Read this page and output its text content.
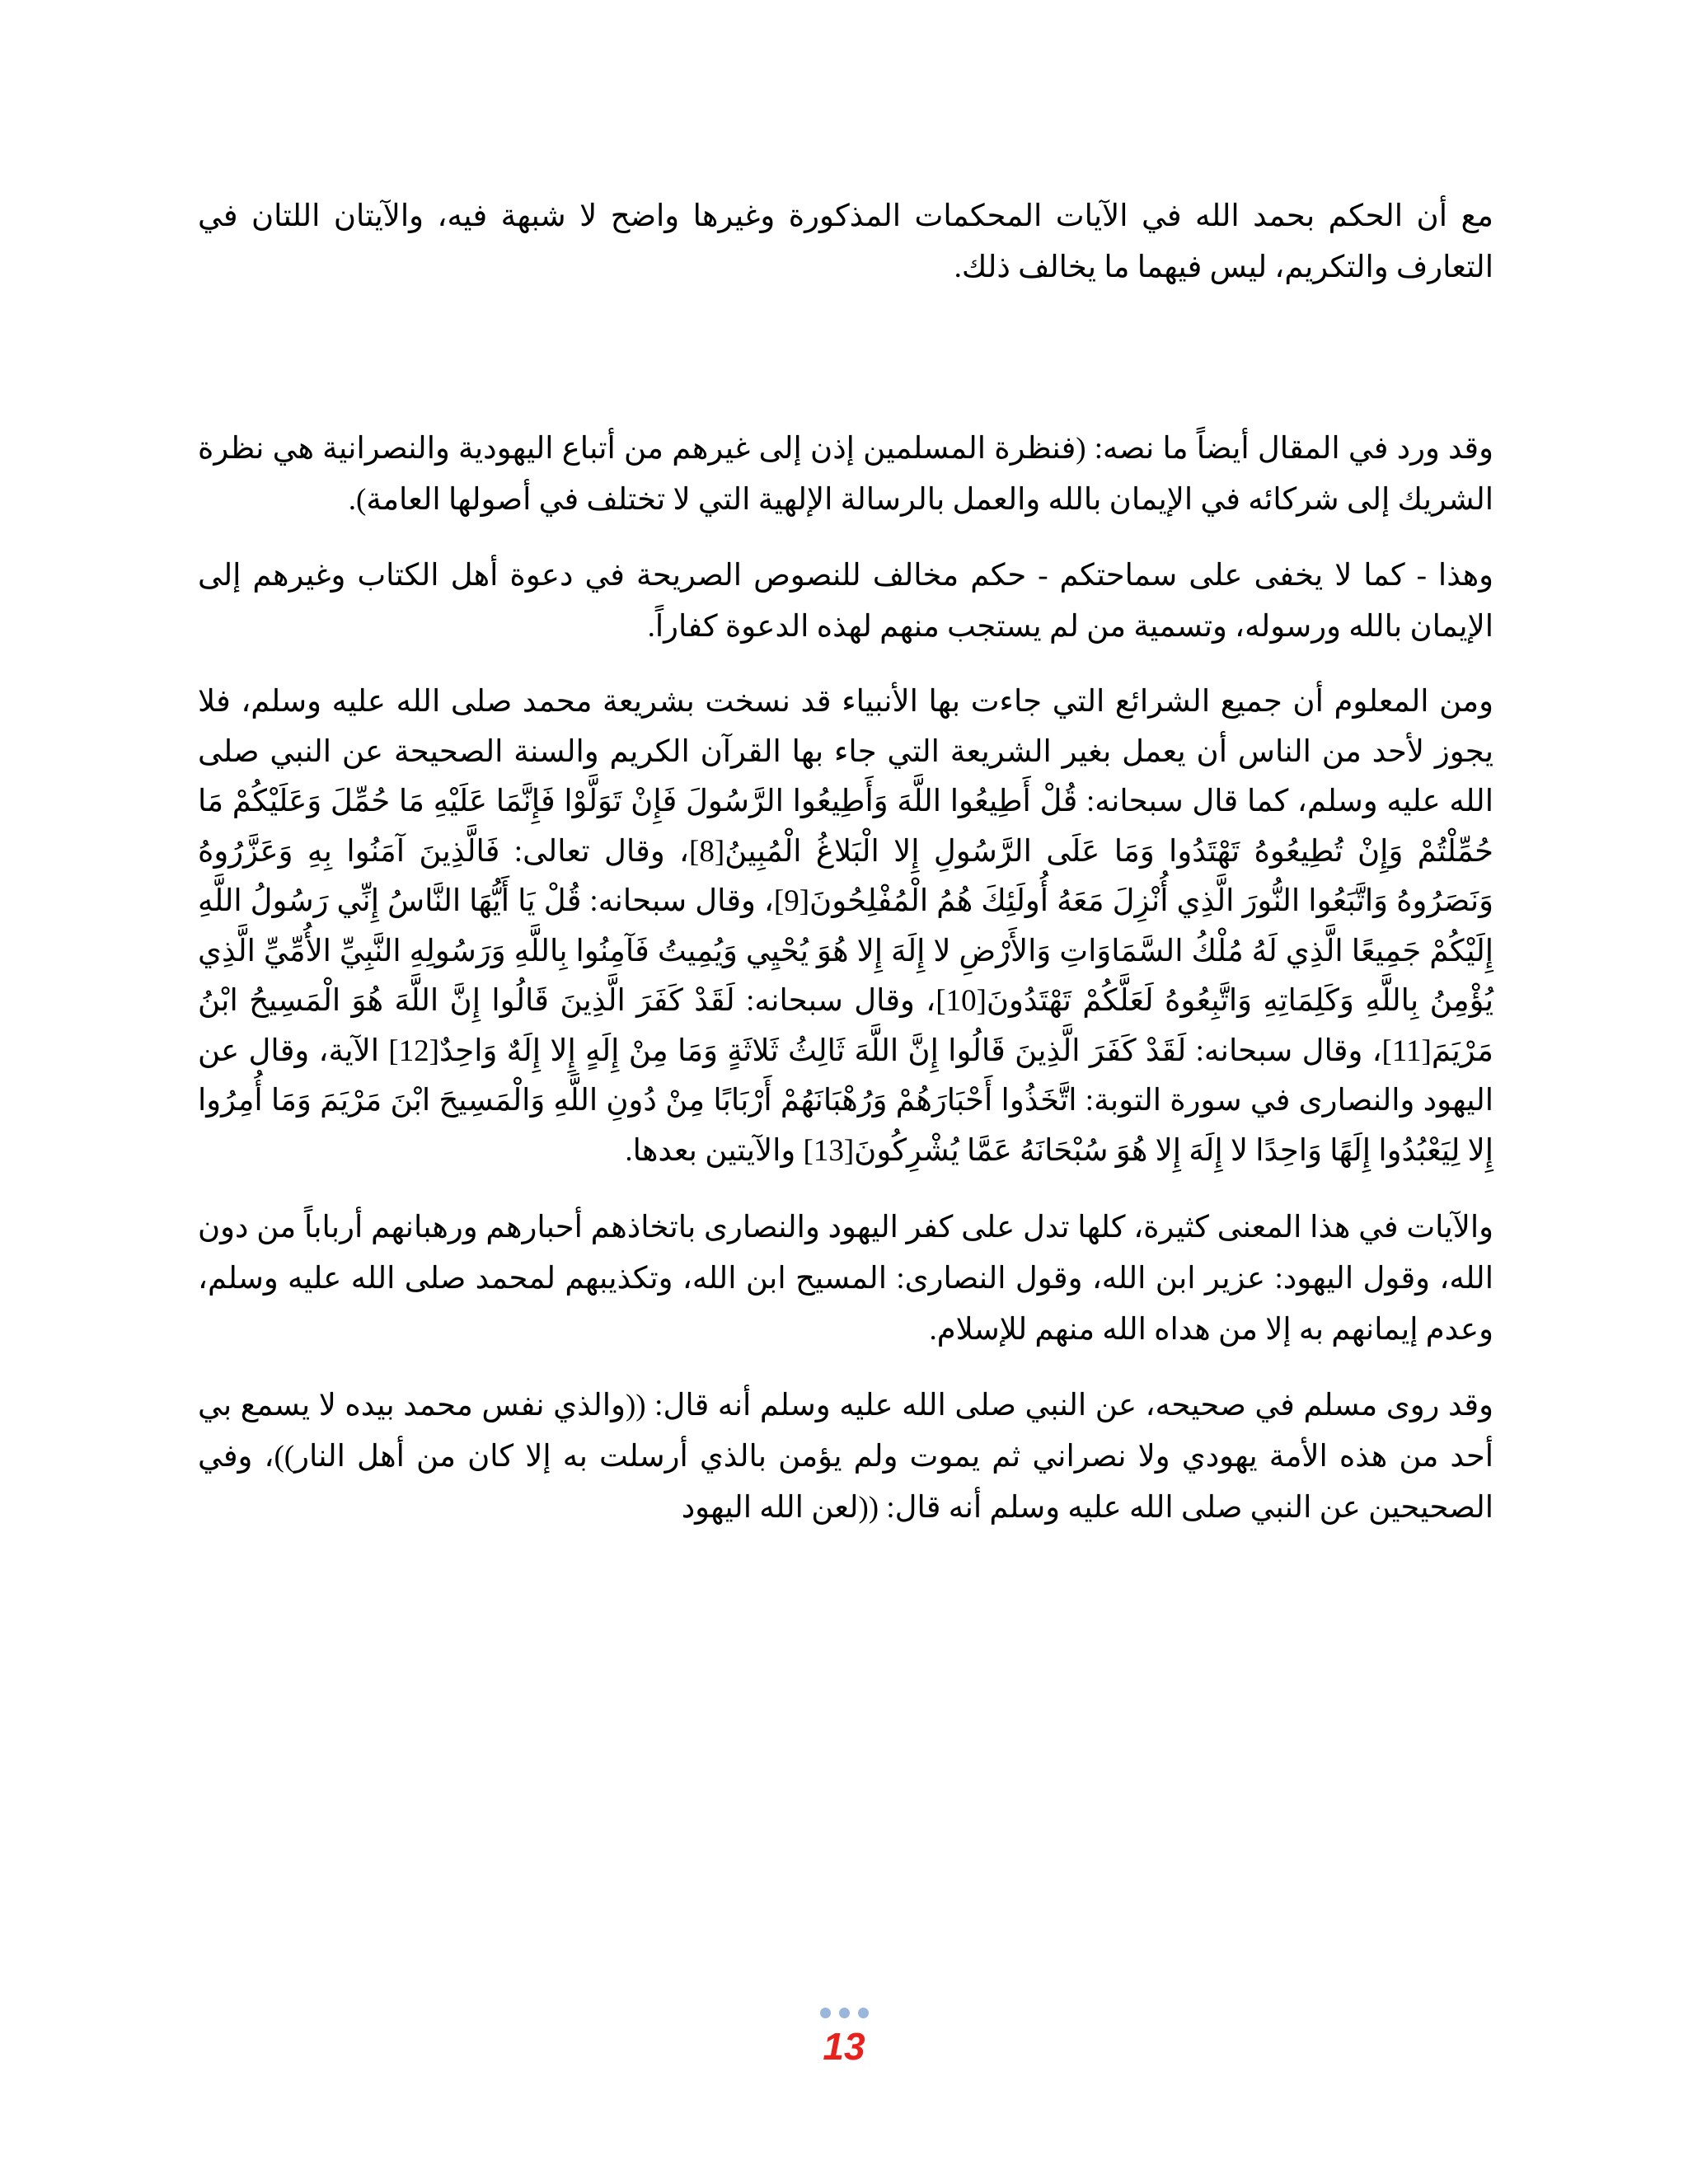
مع أن الحكم بحمد الله في الآيات المحكمات المذكورة وغيرها واضح لا شبهة فيه، والآيتان اللتان في التعارف والتكريم، ليس فيهما ما يخالف ذلك.

وقد ورد في المقال أيضاً ما نصه: (فنظرة المسلمين إذن إلى غيرهم من أتباع اليهودية والنصرانية هي نظرة الشريك إلى شركائه في الإيمان بالله والعمل بالرسالة الإلهية التي لا تختلف في أصولها العامة).

وهذا - كما لا يخفى على سماحتكم - حكم مخالف للنصوص الصريحة في دعوة أهل الكتاب وغيرهم إلى الإيمان بالله ورسوله، وتسمية من لم يستجب منهم لهذه الدعوة كفاراً.

ومن المعلوم أن جميع الشرائع التي جاءت بها الأنبياء قد نسخت بشريعة محمد صلى الله عليه وسلم، فلا يجوز لأحد من الناس أن يعمل بغير الشريعة التي جاء بها القرآن الكريم والسنة الصحيحة عن النبي صلى الله عليه وسلم، كما قال سبحانه: قُلْ أَطِيعُوا اللَّهَ وَأَطِيعُوا الرَّسُولَ فَإِنْ تَوَلَّوْا فَإِنَّمَا عَلَيْهِ مَا حُمِّلَ وَعَلَيْكُمْ مَا حُمِّلْتُمْ وَإِنْ تُطِيعُوهُ تَهْتَدُوا وَمَا عَلَى الرَّسُولِ إِلا الْبَلاغُ الْمُبِينُ[8]، وقال تعالى: فَالَّذِينَ آمَنُوا بِهِ وَعَزَّرُوهُ وَنَصَرُوهُ وَاتَّبَعُوا النُّورَ الَّذِي أُنْزِلَ مَعَهُ أُولَئِكَ هُمُ الْمُفْلِحُونَ[9]، وقال سبحانه: قُلْ يَا أَيُّهَا النَّاسُ إِنِّي رَسُولُ اللَّهِ إِلَيْكُمْ جَمِيعًا الَّذِي لَهُ مُلْكُ السَّمَاوَاتِ وَالأَرْضِ لا إِلَهَ إِلا هُوَ يُحْيِي وَيُمِيتُ فَآمِنُوا بِاللَّهِ وَرَسُولِهِ النَّبِيِّ الأُمِّيِّ الَّذِي يُؤْمِنُ بِاللَّهِ وَكَلِمَاتِهِ وَاتَّبِعُوهُ لَعَلَّكُمْ تَهْتَدُونَ[10]، وقال سبحانه: لَقَدْ كَفَرَ الَّذِينَ قَالُوا إِنَّ اللَّهَ هُوَ الْمَسِيحُ ابْنُ مَرْيَمَ[11]، وقال سبحانه: لَقَدْ كَفَرَ الَّذِينَ قَالُوا إِنَّ اللَّهَ ثَالِثُ ثَلاثَةٍ وَمَا مِنْ إِلَهٍ إِلا إِلَهٌ وَاحِدٌ[12] الآية، وقال عن اليهود والنصارى في سورة التوبة: اتَّخَذُوا أَحْبَارَهُمْ وَرُهْبَانَهُمْ أَرْبَابًا مِنْ دُونِ اللَّهِ وَالْمَسِيحَ ابْنَ مَرْيَمَ وَمَا أُمِرُوا إِلا لِيَعْبُدُوا إِلَهًا وَاحِدًا لا إِلَهَ إِلا هُوَ سُبْحَانَهُ عَمَّا يُشْرِكُونَ[13] والآيتين بعدها.

والآيات في هذا المعنى كثيرة، كلها تدل على كفر اليهود والنصارى باتخاذهم أحبارهم ورهبانهم أرباباً من دون الله، وقول اليهود: عزير ابن الله، وقول النصارى: المسيح ابن الله، وتكذيبهم لمحمد صلى الله عليه وسلم، وعدم إيمانهم به إلا من هداه الله منهم للإسلام.

وقد روى مسلم في صحيحه، عن النبي صلى الله عليه وسلم أنه قال: ((والذي نفس محمد بيده لا يسمع بي أحد من هذه الأمة يهودي ولا نصراني ثم يموت ولم يؤمن بالذي أرسلت به إلا كان من أهل النار))، وفي الصحيحين عن النبي صلى الله عليه وسلم أنه قال: ((لعن الله اليهود

13
